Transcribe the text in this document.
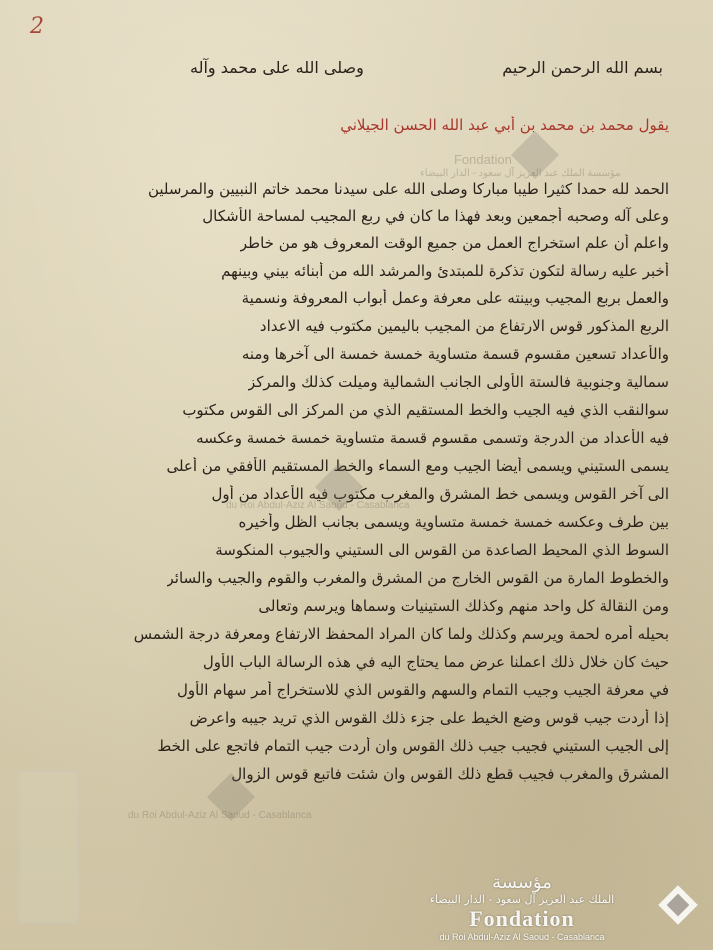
2
بسم الله الرحمن الرحيم
وصلى الله على محمد وآله
يقول محمد بن محمد بن أبي عبد الله الحسن الجيلاني
الحمد لله حمدا كثيرا طيبا مباركا وصلى الله على سيدنا محمد خاتم النبيين والمرسلين
وعلى آله وصحبه أجمعين وبعد فهذا ما كان في ربع المجيب لمساحة الأشكال
واعلم أن علم استخراج العمل من جميع الوقت المعروف هو من خاطر
أخبر عليه رسالة لتكون تذكرة للمبتدئ والمرشد الله من أبنائه بيني وبينهم
والعمل بربع المجيب وبينته على معرفة وعمل أبواب المعروفة ونسمية
الربع المذكور قوس الارتفاع من المجيب باليمين مكتوب فيه الاعداد
والأعداد تسعين مقسوم قسمة متساوية خمسة خمسة الى آخرها ومنه
سمالية وجنوبية فالستة الأولى الجانب الشمالية وميلت كذلك والمركز
سوالنقب الذي فيه الجيب والخط المستقيم الذي من المركز الى القوس مكتوب
فيه الأعداد من الدرجة وتسمى مقسوم قسمة متساوية خمسة خمسة وعكسه
يسمى الستيني ويسمى أيضا الجيب ومع السماء والخط المستقيم الأفقي من أعلى
الى آخر القوس ويسمى خط المشرق والمغرب مكتوب فيه الأعداد من أول
بين طرف وعكسه خمسة خمسة متساوية ويسمى بجانب الظل وأخيره
السوط الذي المحيط الصاعدة من القوس الى الستيني والجيوب المنكوسة
والخطوط المارة من القوس الخارج من المشرق والمغرب والقوم والجيب والسائر
ومن النقالة كل واحد منهم وكذلك الستينيات وسماها ويرسم وتعالى
بحيله أمره لحمة ويرسم وكذلك ولما كان المراد المحفظ الارتفاع ومعرفة درجة الشمس
حيث كان خلال ذلك اعملنا عرض مما يحتاج اليه في هذه الرسالة الباب الأول
في معرفة الجيب وجيب التمام والسهم والقوس الذي للاستخراج أمر سهام الأول
إذا أردت جيب قوس وضع الخيط على جزء ذلك القوس الذي تريد جيبه واعرض
إلى الجيب الستيني فجيب جيب ذلك القوس وان أردت جيب التمام فاتجع على الخط
المشرق والمغرب فجيب قطع ذلك القوس وان شئت فاتبع قوس الزوال
Fondation
مؤسسة الملك عبد العزيز آل سعود - الدار البيضاء
du Roi Abdul-Aziz Al Saoud - Casablanca
du Roi Abdul-Aziz Al Saoud - Casablanca
مؤسسة
الملك عبد العزيز آل سعود - الدار البيضاء
Fondation
du Roi Abdul-Aziz Al Saoud - Casablanca
